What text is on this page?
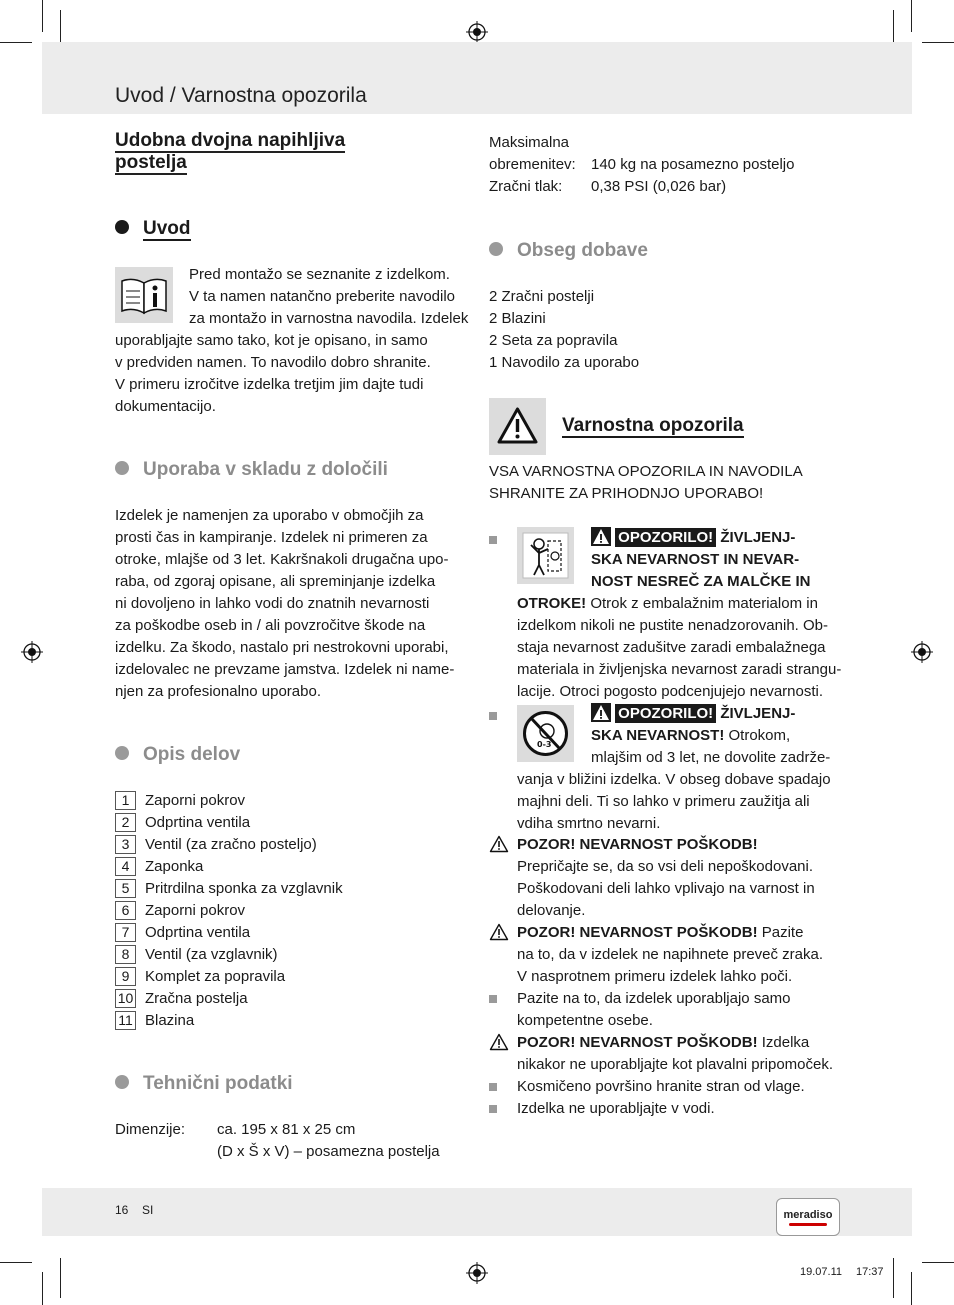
Uvod / Varnostna opozorila
Udobna dvojna napihljiva
postelja
Uvod
Pred montažo se seznanite z izdelkom.
V ta namen natančno preberite navodilo
za montažo in varnostna navodila. Izdelek
uporabljajte samo tako, kot je opisano, in samo
v predviden namen. To navodilo dobro shranite.
V primeru izročitve izdelka tretjim jim dajte tudi
dokumentacijo.
Uporaba v skladu z določili
Izdelek je namenjen za uporabo v območjih za
prosti čas in kampiranje. Izdelek ni primeren za
otroke, mlajše od 3 let. Kakršnakoli drugačna upo-
raba, od zgoraj opisane, ali spreminjanje izdelka
ni dovoljeno in lahko vodi do znatnih nevarnosti
za poškodbe oseb in / ali povzročitve škode na
izdelku. Za škodo, nastalo pri nestrokovni uporabi,
izdelovalec ne prevzame jamstva. Izdelek ni name-
njen za profesionalno uporabo.
Opis delov
1 Zaporni pokrov
2 Odprtina ventila
3 Ventil (za zračno posteljo)
4 Zaponka
5 Pritrdilna sponka za vzglavnik
6 Zaporni pokrov
7 Odprtina ventila
8 Ventil (za vzglavnik)
9 Komplet za popravila
10 Zračna postelja
11 Blazina
Tehnični podatki
Dimenzije: ca. 195 x 81 x 25 cm
(D x Š x V) – posamezna postelja
Maksimalna
obremenitev: 140 kg na posamezno posteljo
Zračni tlak: 0,38 PSI (0,026 bar)
Obseg dobave
2 Zračni postelji
2 Blazini
2 Seta za popravila
1 Navodilo za uporabo
Varnostna opozorila
VSA VARNOSTNA OPOZORILA IN NAVODILA
SHRANITE ZA PRIHODNJO UPORABO!
OPOZORILO! ŽIVLJENJ-
SKA NEVARNOST IN NEVAR-
NOST NESREČ ZA MALČKE IN
OTROKE! Otrok z embalažnim materialom in
izdelkom nikoli ne pustite nenadzorovanih. Ob-
staja nevarnost zadušitve zaradi embalažnega
materiala in življenjska nevarnost zaradi strangu-
lacije. Otroci pogosto podcenjujejo nevarnosti.
0-3
OPOZORILO! ŽIVLJENJ-
SKA NEVARNOST! Otrokom,
mlajšim od 3 let, ne dovolite zadrže-
vanja v bližini izdelka. V obseg dobave spadajo
majhni deli. Ti so lahko v primeru zaužitja ali
vdiha smrtno nevarni.
POZOR! NEVARNOST POŠKODB!
Prepričajte se, da so vsi deli nepoškodovani.
Poškodovani deli lahko vplivajo na varnost in
delovanje.
POZOR! NEVARNOST POŠKODB! Pazite
na to, da v izdelek ne napihnete preveč zraka.
V nasprotnem primeru izdelek lahko poči.
Pazite na to, da izdelek uporabljajo samo
kompetentne osebe.
POZOR! NEVARNOST POŠKODB! Izdelka
nikakor ne uporabljajte kot plavalni pripomoček.
Kosmičeno površino hranite stran od vlage.
Izdelka ne uporabljajte v vodi.
16 SI	meradiso
19.07.11 17:37
